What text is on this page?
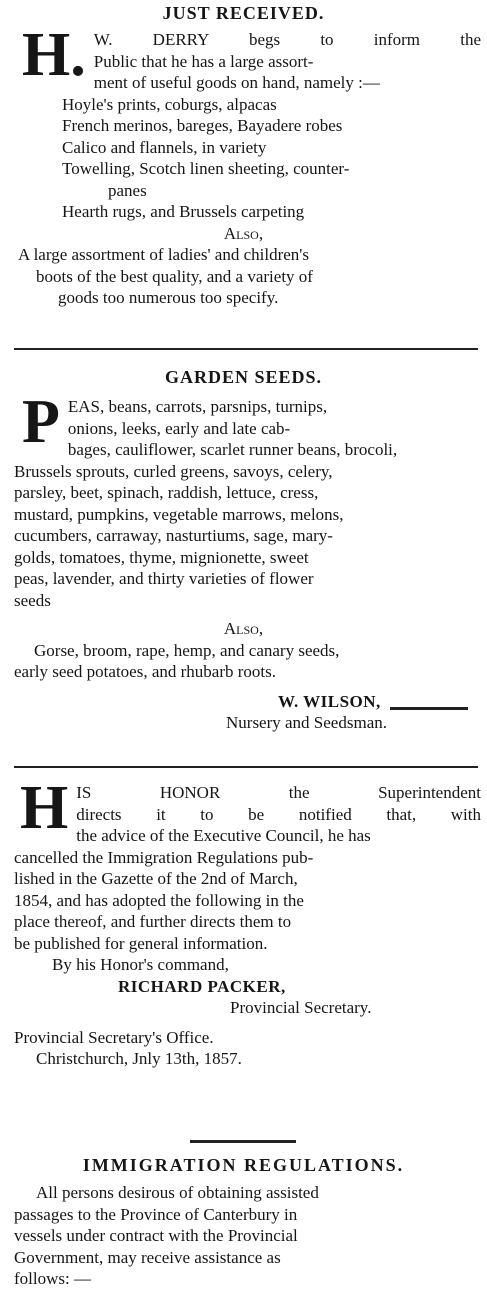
JUST RECEIVED.
H. W. DERRY begs to inform the
Public that he has a large assort-
ment of useful goods on hand, namely :—
Hoyle's prints, coburgs, alpacas
French merinos, bareges, Bayadere robes
Calico and flannels, in variety
Towelling, Scotch linen sheeting, counter-
panes
Hearth rugs, and Brussels carpeting
Also,
A large assortment of ladies' and children's
boots of the best quality, and a variety of
goods too numerous too specify.
GARDEN SEEDS.
P EAS, beans, carrots, parsnips, turnips,
onions, leeks, early and late cab-
bages, cauliflower, scarlet runner beans, brocoli,
Brussels sprouts, curled greens, savoys, celery,
parsley, beet, spinach, raddish, lettuce, cress,
mustard, pumpkins, vegetable marrows, melons,
cucumbers, carraway, nasturtiums, sage, mary-
golds, tomatoes, thyme, mignionette, sweet
peas, lavender, and thirty varieties of flower
seeds
Also,
Gorse, broom, rape, hemp, and canary seeds,
early seed potatoes, and rhubarb roots.
W. WILSON,
Nursery and Seedsman.
H IS HONOR the Superintendent
directs it to be notified that, with
the advice of the Executive Council, he has
cancelled the Immigration Regulations pub-
lished in the Gazette of the 2nd of March,
1854, and has adopted the following in the
place thereof, and further directs them to
be published for general information.
By his Honor's command,
RICHARD PACKER,
Provincial Secretary.
Provincial Secretary's Office.
Christchurch, Jnly 13th, 1857.
IMMIGRATION REGULATIONS.
All persons desirous of obtaining assisted
passages to the Province of Canterbury in
vessels under contract with the Provincial
Government, may receive assistance as
follows: —
